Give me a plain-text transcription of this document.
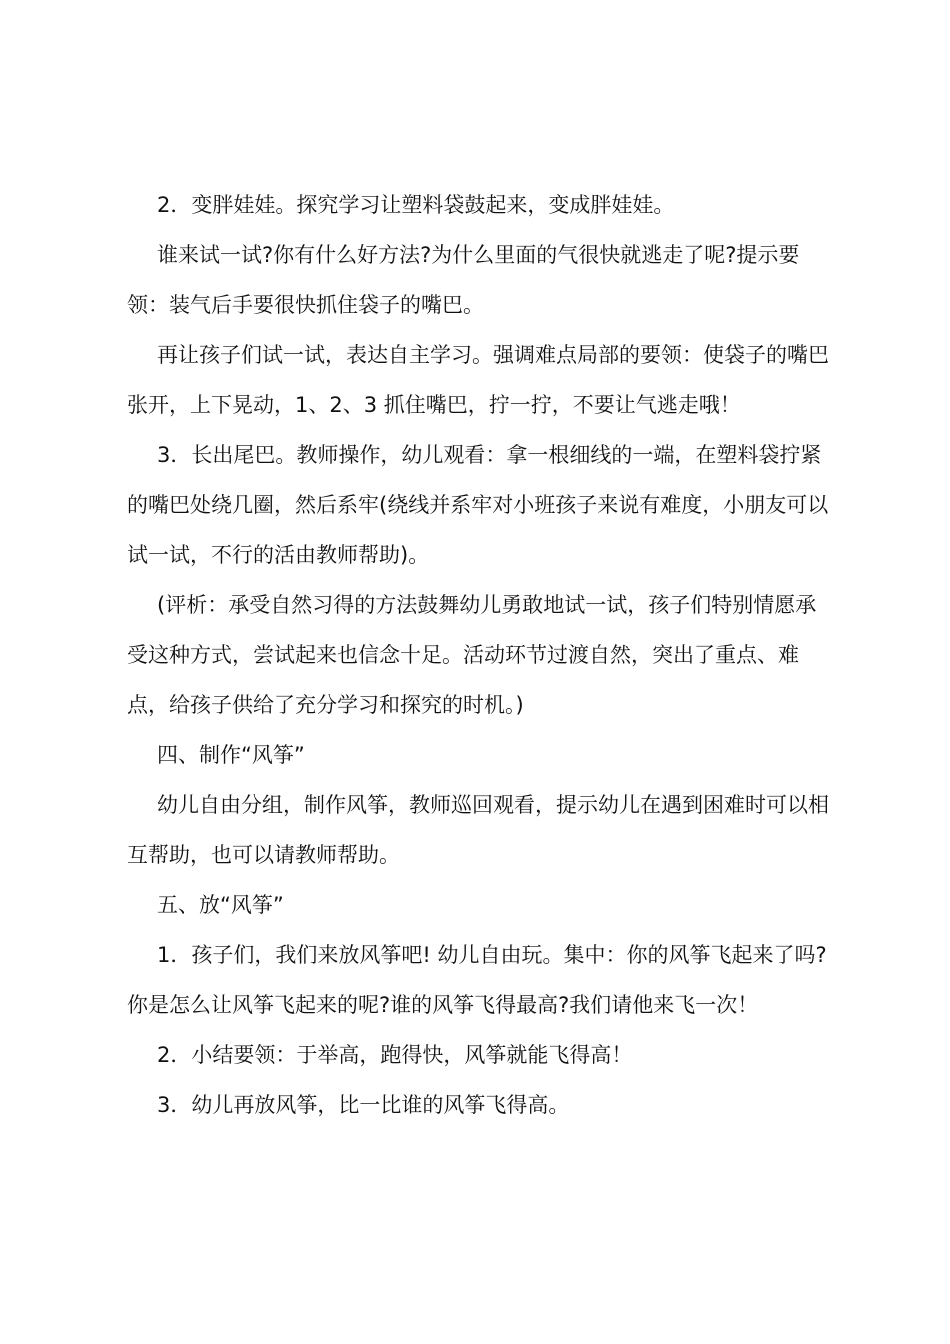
2．变胖娃娃。探究学习让塑料袋鼓起来，变成胖娃娃。

谁来试一试?你有什么好方法?为什么里面的气很快就逃走了呢?提示要领：装气后手要很快抓住袋子的嘴巴。

再让孩子们试一试，表达自主学习。强调难点局部的要领：使袋子的嘴巴张开，上下晃动，1、2、3 抓住嘴巴，拧一拧，不要让气逃走哦！

3．长出尾巴。教师操作，幼儿观看：拿一根细线的一端，在塑料袋拧紧的嘴巴处绕几圈，然后系牢(绕线并系牢对小班孩子来说有难度，小朋友可以试一试，不行的活由教师帮助)。

(评析：承受自然习得的方法鼓舞幼儿勇敢地试一试，孩子们特别情愿承受这种方式，尝试起来也信念十足。活动环节过渡自然，突出了重点、难点，给孩子供给了充分学习和探究的时机。)

四、制作“风筝”

幼儿自由分组，制作风筝，教师巡回观看，提示幼儿在遇到困难时可以相互帮助，也可以请教师帮助。

五、放“风筝”

1．孩子们，我们来放风筝吧! 幼儿自由玩。集中：你的风筝飞起来了吗?你是怎么让风筝飞起来的呢?谁的风筝飞得最高?我们请他来飞一次！

2．小结要领：于举高，跑得快，风筝就能飞得高！

3．幼儿再放风筝，比一比谁的风筝飞得高。
